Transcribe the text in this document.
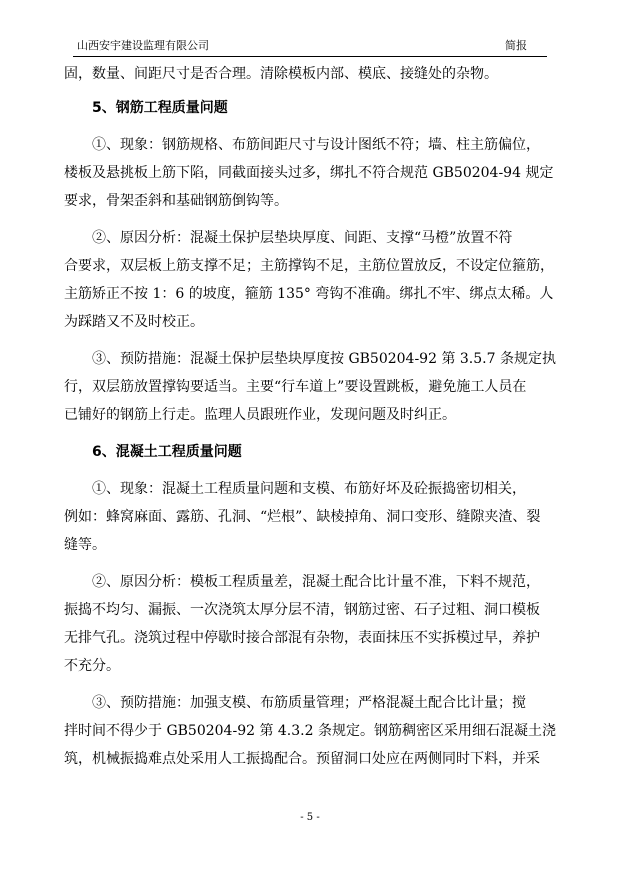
山西安宇建设监理有限公司	简报
固，数量、间距尺寸是否合理。清除模板内部、模底、接缝处的杂物。
5、钢筋工程质量问题
①、现象：钢筋规格、布筋间距尺寸与设计图纸不符；墙、柱主筋偏位，
楼板及悬挑板上筋下陷，同截面接头过多，绑扎不符合规范 GB50204-94 规定
要求，骨架歪斜和基础钢筋倒钩等。
②、原因分析：混凝土保护层垫块厚度、间距、支撑“马橙”放置不符
合要求，双层板上筋支撑不足；主筋撑钩不足，主筋位置放反，不设定位箍筋，
主筋矫正不按 1：6 的坡度，箍筋 135° 弯钩不准确。绑扎不牢、绑点太稀。人
为踩踏又不及时校正。
③、预防措施：混凝土保护层垫块厚度按 GB50204-92 第 3.5.7 条规定执
行，双层筋放置撑钩要适当。主要“行车道上”要设置跳板，避免施工人员在
已铺好的钢筋上行走。监理人员跟班作业，发现问题及时纠正。
6、混凝土工程质量问题
①、现象：混凝土工程质量问题和支模、布筋好坏及砼振捣密切相关，
例如：蜂窝麻面、露筋、孔洞、“烂根”、缺棱掉角、洞口变形、缝隙夹渣、裂
缝等。
②、原因分析：模板工程质量差，混凝土配合比计量不准，下料不规范，
振捣不均匀、漏振、一次浇筑太厚分层不清，钢筋过密、石子过粗、洞口模板
无排气孔。浇筑过程中停歇时接合部混有杂物，表面抹压不实拆模过早，养护
不充分。
③、预防措施：加强支模、布筋质量管理；严格混凝土配合比计量；搅
拌时间不得少于 GB50204-92 第 4.3.2 条规定。钢筋稠密区采用细石混凝土浇
筑，机械振捣难点处采用人工振捣配合。预留洞口处应在两侧同时下料，并采
- 5 -
